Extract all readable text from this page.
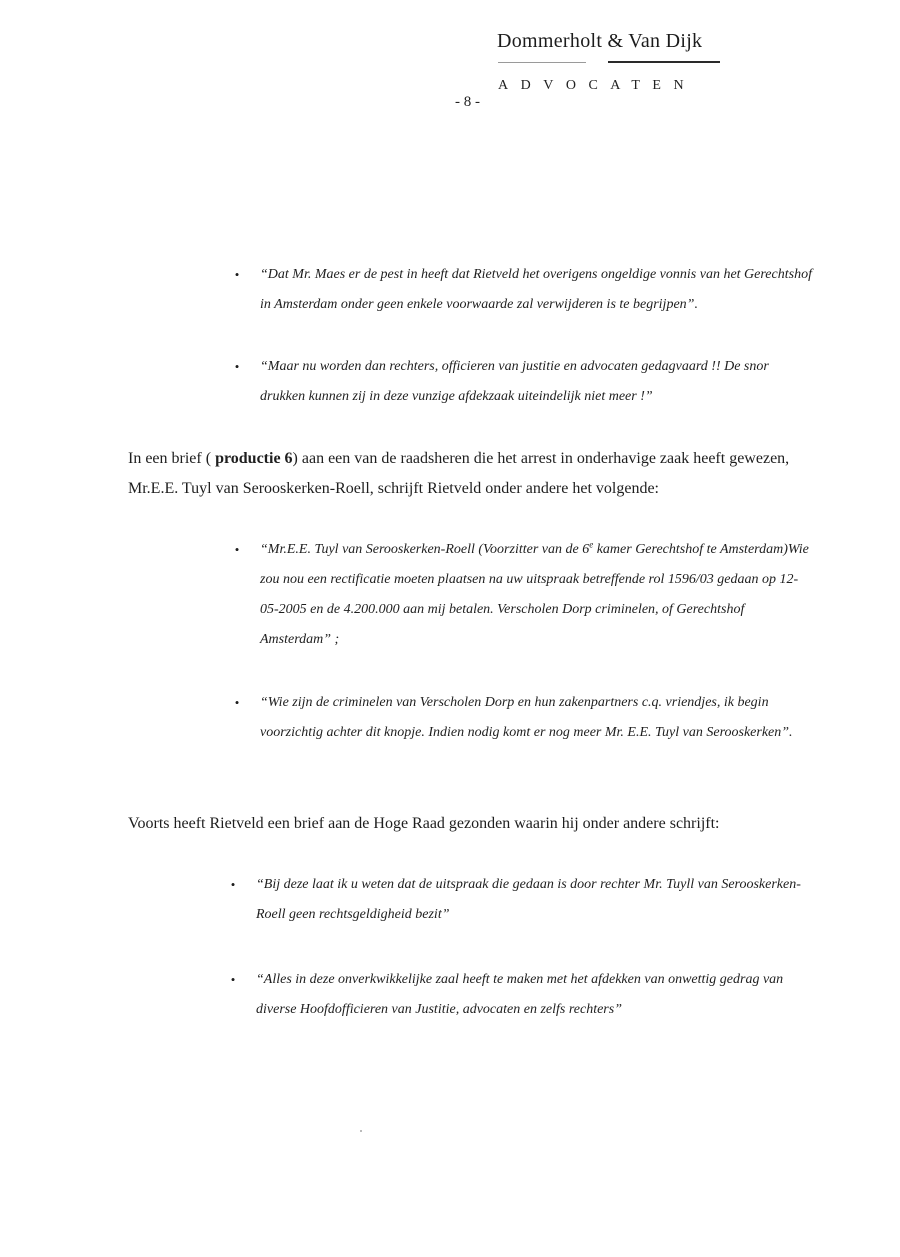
Dommerholt & Van Dijk
ADVOCATEN
- 8 -
• “Dat Mr. Maes er de pest in heeft dat Rietveld het overigens ongeldige vonnis van het Gerechtshof in Amsterdam onder geen enkele voorwaarde zal verwijderen is te begrijpen”.
• “Maar nu worden dan rechters, officieren van justitie en advocaten gedagvaard !! De snor drukken kunnen zij in deze vunzige afdekzaak uiteindelijk niet meer !”
In een brief ( productie 6) aan een van de raadsheren die het arrest in onderhavige zaak heeft gewezen, Mr.E.E. Tuyl van Serooskerken-Roell, schrijft Rietveld onder andere het volgende:
• “Mr.E.E. Tuyl van Serooskerken-Roell (Voorzitter van de 6e kamer Gerechtshof te Amsterdam)Wie zou nou een rectificatie moeten plaatsen na uw uitspraak betreffende rol 1596/03 gedaan op 12-05-2005 en de 4.200.000 aan mij betalen. Verscholen Dorp criminelen, of Gerechtshof Amsterdam” ;
• “Wie zijn de criminelen van Verscholen Dorp en hun zakenpartners c.q. vriendjes, ik begin voorzichtig achter dit knopje. Indien nodig komt er nog meer Mr. E.E. Tuyl van Serooskerken”.
Voorts heeft Rietveld een brief aan de Hoge Raad gezonden waarin hij onder andere schrijft:
• “Bij deze laat ik u weten dat de uitspraak die gedaan is door rechter Mr. Tuyll van Serooskerken-Roell geen rechtsgeldigheid bezit”
• “Alles in deze onverkwikkelijke zaal heeft te maken met het afdekken van onwettig gedrag van diverse Hoofdofficieren van Justitie, advocaten en zelfs rechters”
